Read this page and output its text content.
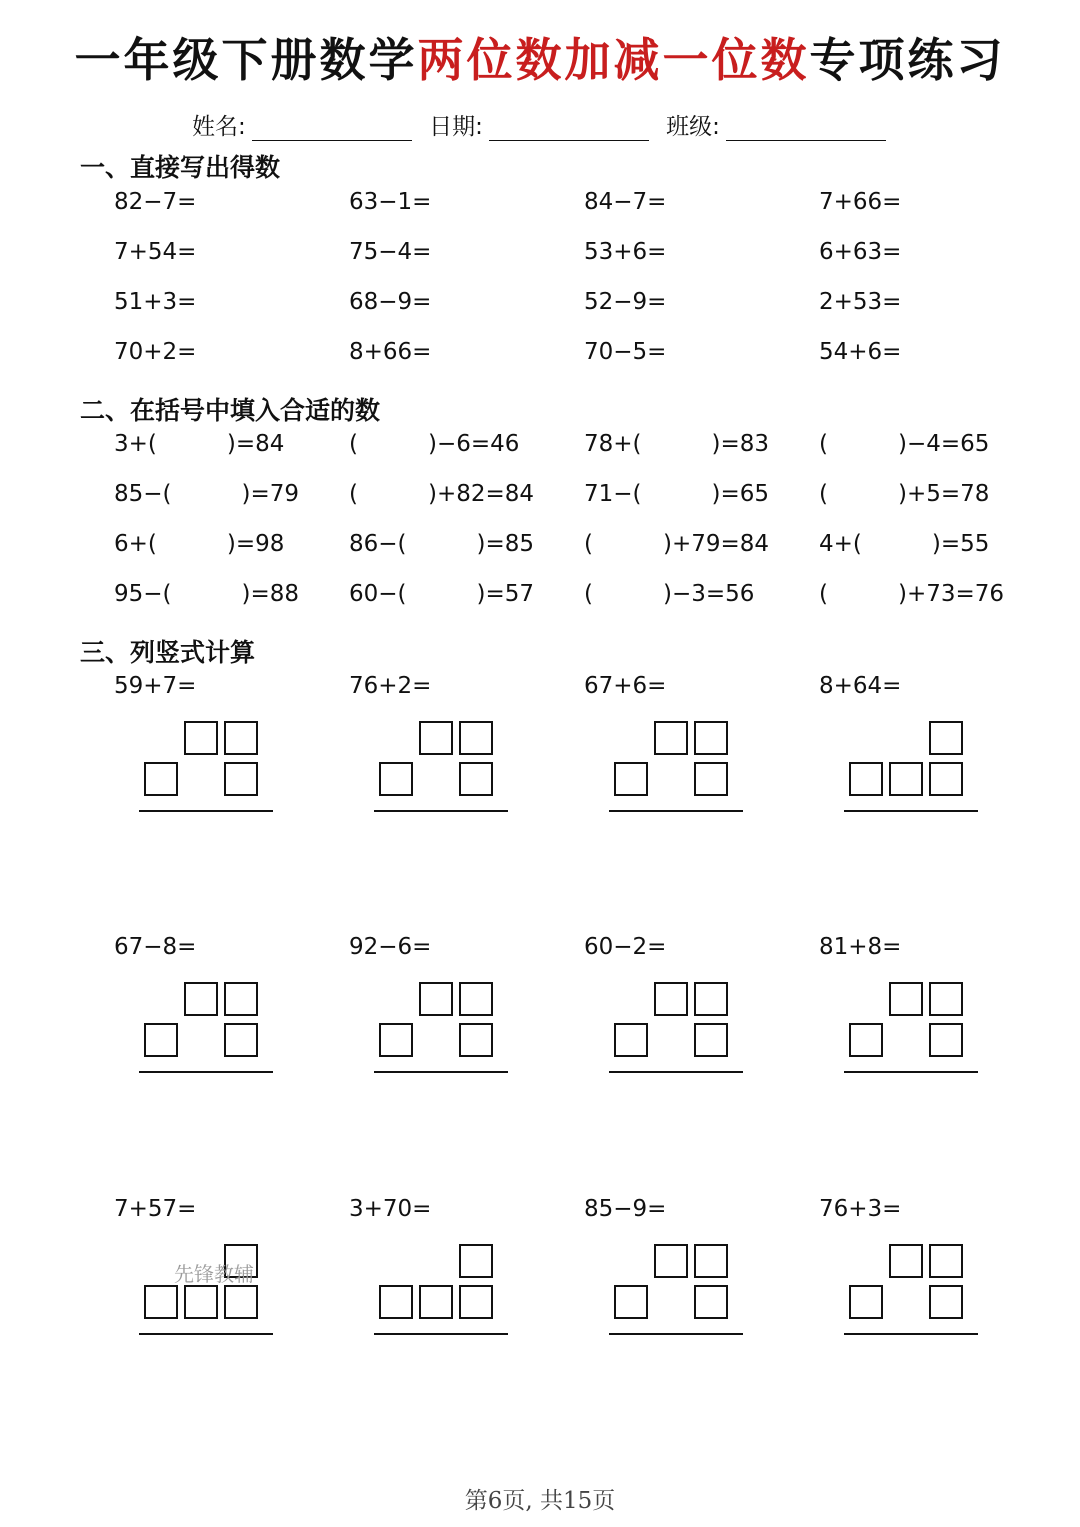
一年级下册数学两位数加减一位数专项练习
姓名:	日期:	班级:
一、直接写出得数
82−7=	63−1=	84−7=	7+66=
7+54=	75−4=	53+6=	6+63=
51+3=	68−9=	52−9=	2+53=
70+2=	8+66=	70−5=	54+6=
二、在括号中填入合适的数
3+(	)=84	(	)−6=46	78+(	)=83 (	)−4=65
85−(	)=79 (	)+82=84 71−(	)=65 (	)+5=78
6+(	)=98	86−(	)=85 (	)+79=84 4+(	)=55
95−(	)=88 60−(	)=57 (	)−3=56	(	)+73=76
三、列竖式计算
59+7=	76+2=	67+6=	8+64=
67−8=	92−6=	60−2=	81+8=
7+57=	3+70=	85−9=	76+3=
先锋教辅
第6页, 共15页
